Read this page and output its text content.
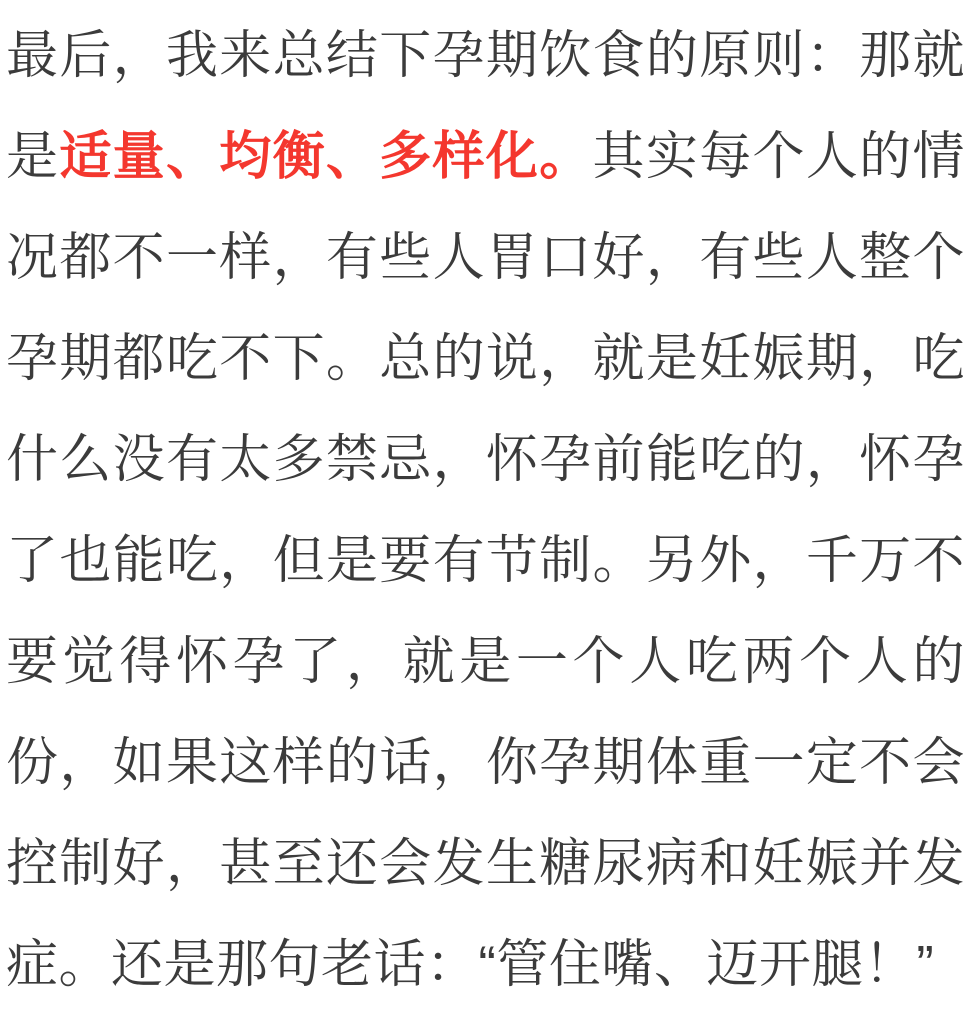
最后，我来总结下孕期饮食的原则：那就是适量、均衡、多样化。其实每个人的情况都不一样，有些人胃口好，有些人整个孕期都吃不下。总的说，就是妊娠期，吃什么没有太多禁忌，怀孕前能吃的，怀孕了也能吃，但是要有节制。另外，千万不要觉得怀孕了，就是一个人吃两个人的份，如果这样的话，你孕期体重一定不会控制好，甚至还会发生糖尿病和妊娠并发症。还是那句老话：“管住嘴、迈开腿！”
